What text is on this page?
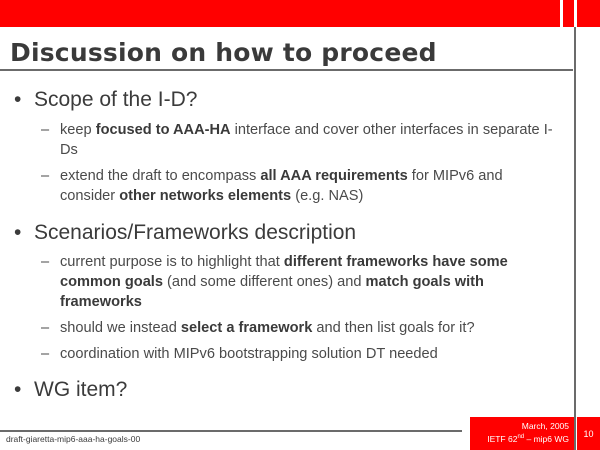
Discussion on how to proceed
• Scope of the I-D?
– keep focused to AAA-HA interface and cover other interfaces in separate I-Ds
– extend the draft to encompass all AAA requirements for MIPv6 and consider other networks elements (e.g. NAS)
• Scenarios/Frameworks description
– current purpose is to highlight that different frameworks have some common goals (and some different ones) and match goals with frameworks
– should we instead select a framework and then list goals for it?
– coordination with MIPv6 bootstrapping solution DT needed
• WG item?
draft-giaretta-mip6-aaa-ha-goals-00
March, 2005
IETF 62nd – mip6 WG
10
